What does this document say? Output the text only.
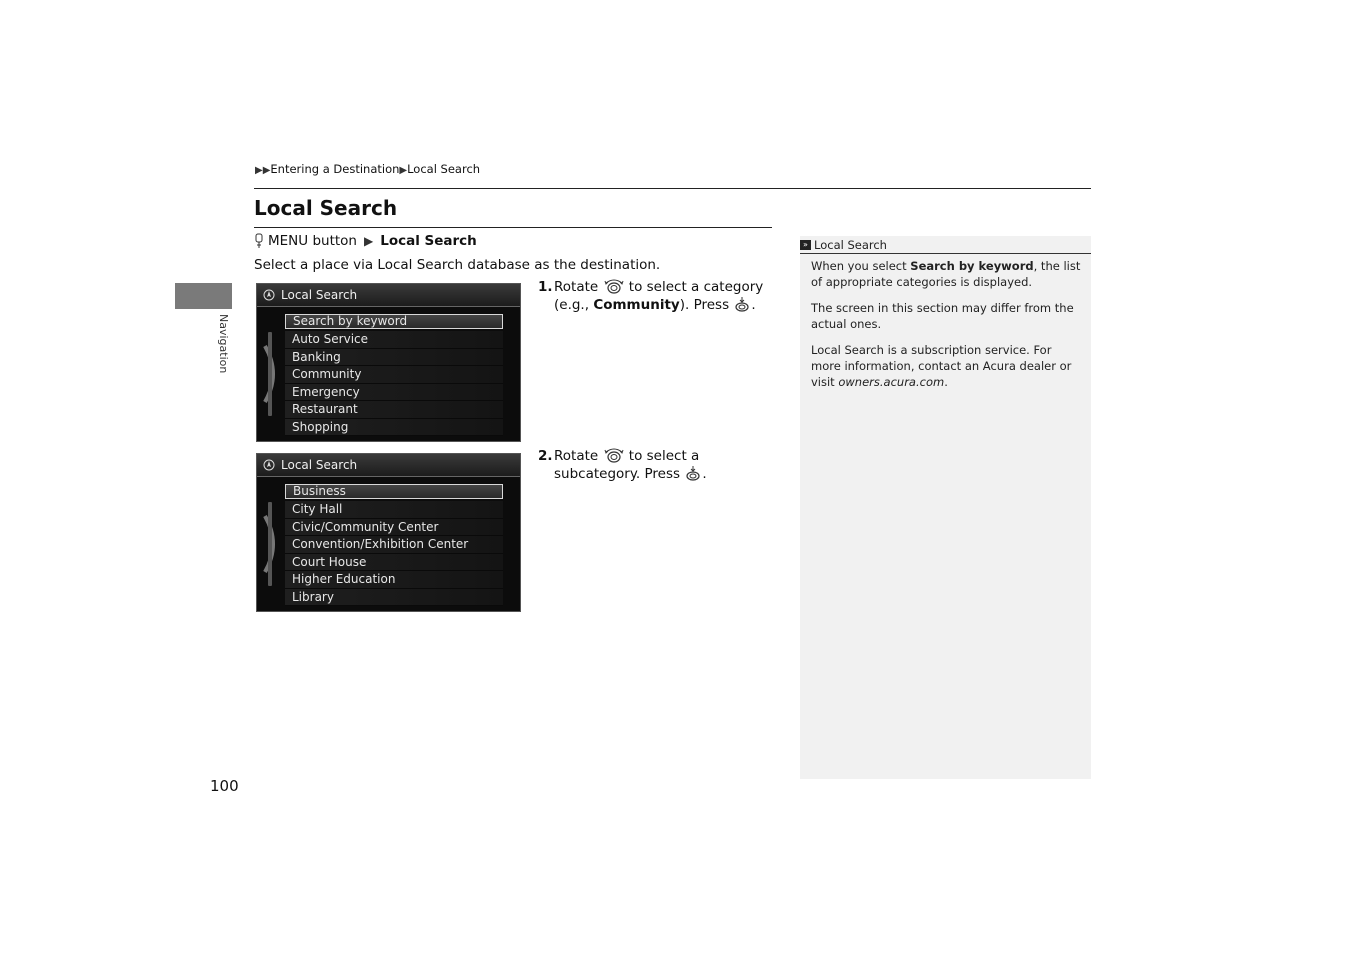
▶▶Entering a Destination▶Local Search
Local Search
Navigation
MENU button ▶ Local Search

Select a place via Local Search database as the destination.

Local Search
Search by keyword
Auto Service
Banking
Community
Emergency
Restaurant
Shopping
Local Search
Business
City Hall
Civic/Community Center
Convention/Exhibition Center
Court House
Higher Education
Library
1. Rotate to select a category (e.g., Community). Press .
2. Rotate to select a subcategory. Press .
» Local Search

When you select Search by keyword, the list of appropriate categories is displayed.

The screen in this section may differ from the actual ones.

Local Search is a subscription service. For more information, contact an Acura dealer or visit owners.acura.com.

100
